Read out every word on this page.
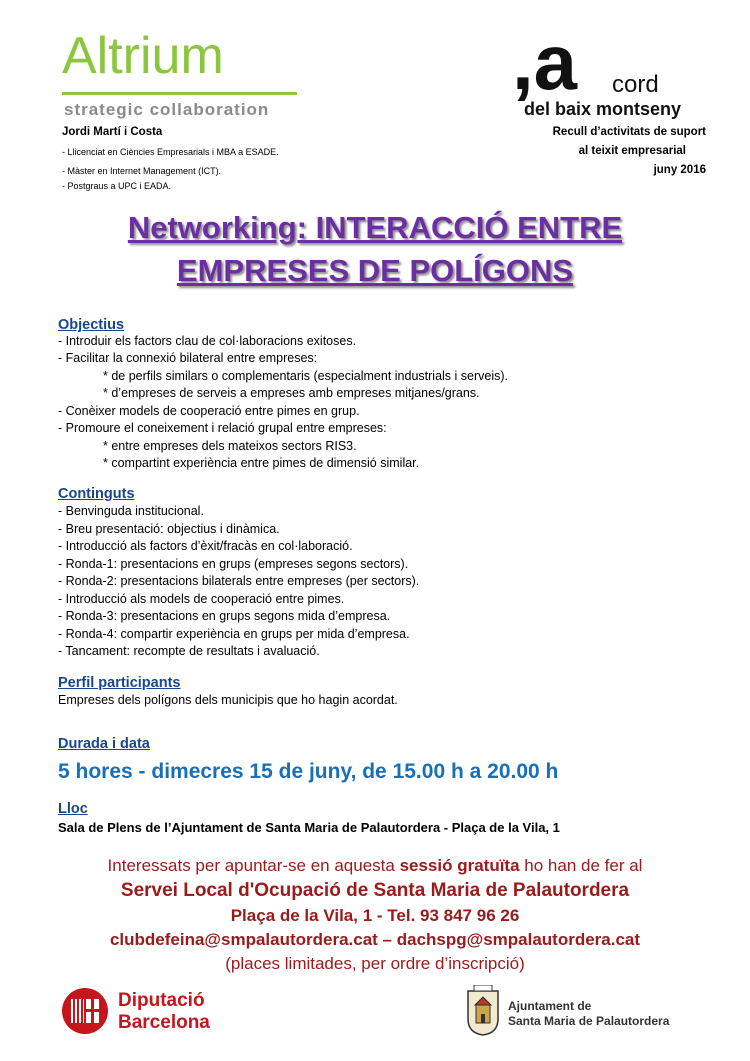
Altrium
strategic collaboration
Jordi Martí i Costa
- Llicenciat en Ciències Empresarials i MBA a ESADE.
- Màster en Internet Management (ICT).
- Postgraus a UPC i EADA.
,a cord
del baix montseny
Recull d’activitats de suport
al teixit empresarial
juny 2016
Networking: INTERACCIÓ ENTRE
EMPRESES DE POLÍGONS
Objectius
- Introduir els factors clau de col·laboracions exitoses.
- Facilitar la connexió bilateral entre empreses:
* de perfils similars o complementaris (especialment industrials i serveis).
* d’empreses de serveis a empreses amb empreses mitjanes/grans.
- Conèixer models de cooperació entre pimes en grup.
- Promoure el coneixement i relació grupal entre empreses:
* entre empreses dels mateixos sectors RIS3.
* compartint experiència entre pimes de dimensió similar.
Continguts
- Benvinguda institucional.
- Breu presentació: objectius i dinàmica.
- Introducció als factors d’èxit/fracàs en col·laboració.
- Ronda-1: presentacions en grups (empreses segons sectors).
- Ronda-2: presentacions bilaterals entre empreses (per sectors).
- Introducció als models de cooperació entre pimes.
- Ronda-3: presentacions en grups segons mida d’empresa.
- Ronda-4: compartir experiència en grups per mida d’empresa.
- Tancament: recompte de resultats i avaluació.
Perfil participants
Empreses dels polígons dels municipis que ho hagin acordat.
Durada i data
5 hores - dimecres 15 de juny, de 15.00 h a 20.00 h
Lloc
Sala de Plens de l’Ajuntament de Santa Maria de Palautordera - Plaça de la Vila, 1
Interessats per apuntar-se en aquesta sessió gratuïta ho han de fer al
Servei Local d'Ocupació de Santa Maria de Palautordera
Plaça de la Vila, 1 - Tel. 93 847 96 26
clubdefeina@smpalautordera.cat – dachspg@smpalautordera.cat
(places limitades, per ordre d’inscripció)
Diputació
Barcelona
Ajuntament de
Santa Maria de Palautordera
